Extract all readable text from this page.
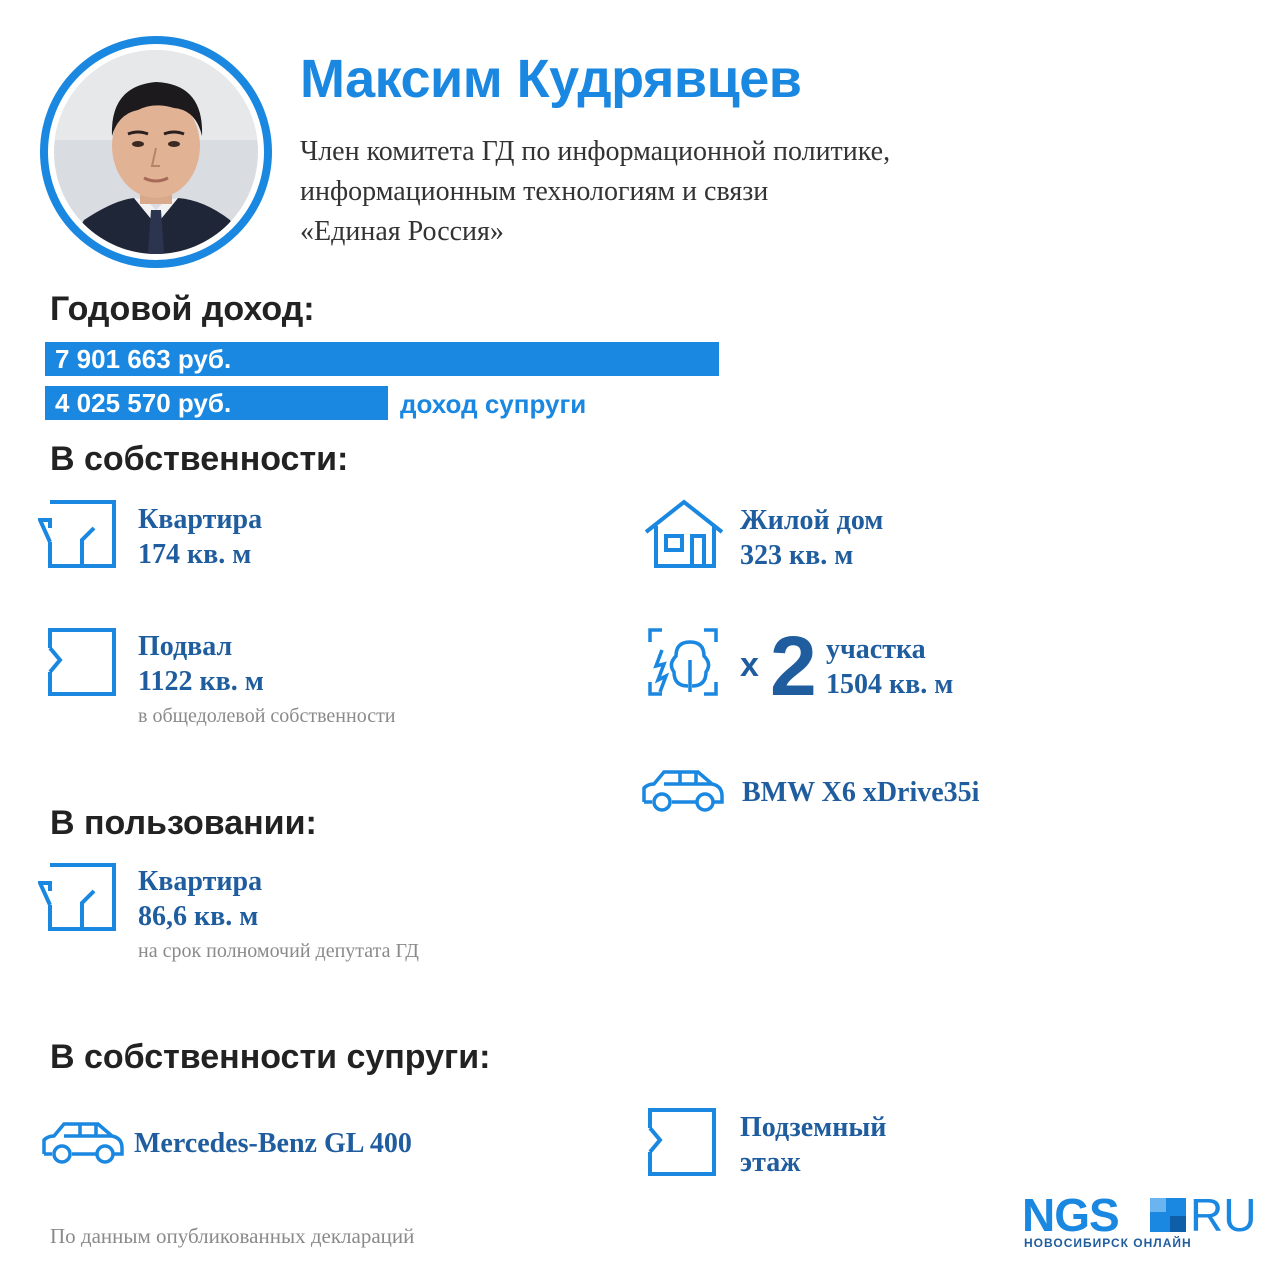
Максим Кудрявцев
Член комитета ГД по информационной политике,
информационным технологиям и связи
«Единая Россия»
Годовой доход:
7 901 663 руб.
4 025 570 руб.	доход супруги
В собственности:
Квартира
174 кв. м
Жилой дом
323 кв. м
Подвал
1122 кв. м
в общедолевой собственности
х 2 участка
1504 кв. м
BMW X6 xDrive35i
В пользовании:
Квартира
86,6 кв. м
на срок полномочий депутата ГД
В собственности супруги:
Mercedes-Benz GL 400
Подземный
этаж
По данным опубликованных деклараций	NGS RU
НОВОСИБИРСК ОНЛАЙН
